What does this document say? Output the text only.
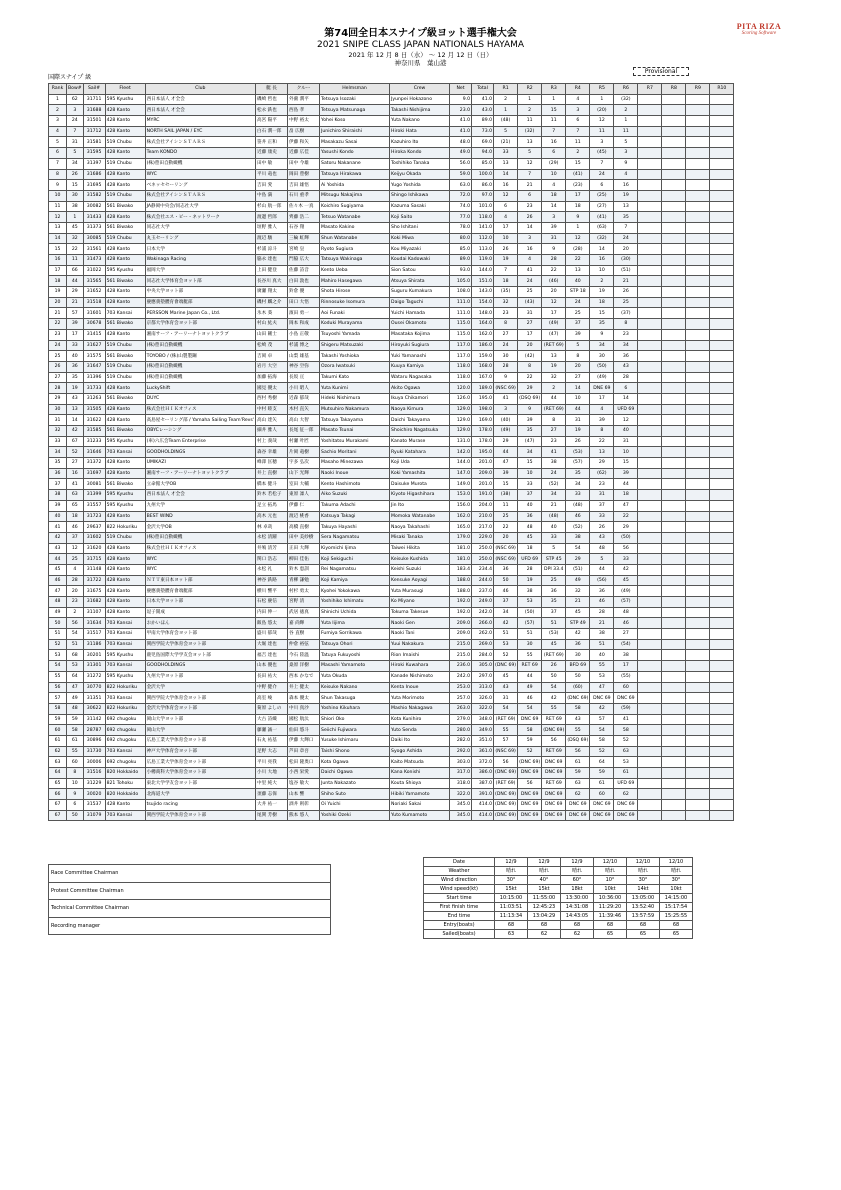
PITA RIZA
Scoring Software
第74回全日本スナイプ級ヨット選手権大会
2021 SNIPE CLASS JAPAN NATIONALS HAYAMA
2021 年 12 月 8 日（水） ～ 12 月 12 日（日）
神奈川県　葉山港
Provisional
国際スナイプ 級
Rank	Bow#	Sail#	Fleet	Club	艇 長	クルー	Helmsman	Crew	Net	Total	R1	R2	R3	R4	R5	R6	R7	R8	R9	R10
1	62	31711	595 Kyushu	西日本法人 才全会	磯崎 哲也	外薗 潤平	Tetsuya Isozaki	Jyunpei Hokazono	9.0	41.0	2	1	1	4	1	(32)				
2	3	31688	428 Kanto	西日本法人 才全会	松永 鉄也	西島 孝	Tetsuya Matsunaga	Takashi Nishijima	23.0	43.0	1	2	15	3	(20)	2				
3	24	31501	428 Kanto	MYRC	高宮 陽平	中野 裕太	Yohei Koso	Yuta Nakano	41.0	89.0	(48)	11	11	6	12	1				
4	7	31712	428 Kanto	NORTH SAIL JAPAN / EYC	白石 潤一郎	畠 広樹	Junichiro Shiraishi	Hiroki Hata	41.0	73.0	5	(32)	7	7	11	11				
5	31	31581	519 Chubu	株式会社アイシンＳＴＡＲＳ	笹井 正和	伊藤 和矢	Masakazu Sasai	Kazuhiro Ito	48.0	69.0	(21)	13	16	11	3	5				
6	5	31595	428 Kanto	Team KONDO	近藤 康史	近藤 広佳	Yasushi Kondo	Hiroka Kondo	49.0	94.0	33	5	6	2	(45)	3				
7	34	31397	519 Chubu	(株)豊田自動織機	田中 敏	田中 今雄	Satoru Nakanane	Toshihiko Tanaka	56.0	85.0	13	12	(29)	15	7	9				
8	26	31686	428 Kanto	WYC	平川 竜也	岡田 豊樹	Tatsuya Hirakawa	Keijyu Okada	59.0	100.0	14	7	10	(41)	24	4				
9	15	31695	428 Kanto	ベネッセセーリング	吉田 愛	吉田 雄悟	Ai Yoshida	Yugo Yoshida	63.0	86.0	16	21	4	(23)	6	16				
10	30	31582	519 Chubu	株式会社アイシンＳＴＡＲＳ	中島 満	石川 重孝	Mitsugu Nakajima	Shingo Ishikawa	72.0	97.0	12	6	18	17	(25)	19				
11	38	30082	561 Biwako	JA静岡中央会/同志社大学	杉山 航一郎	佐々木 一真	Koichiro Sugiyama	Kazuma Sasaki	74.0	101.0	6	23	14	18	(27)	13				
12	1	31433	428 Kanto	株式会社エス・ピー・ネットワーク	渡邊 哲郎	齊藤 浩二	Tetsuo Watanabe	Koji Saito	77.0	118.0	4	26	3	9	(41)	35				
13	45	31373	561 Biwako	同志社大学	垣野 雅人	石谷 翔	Masato Kakino	Sho Ishitani	78.0	141.0	17	14	39	1	(63)	7				
14	32	30085	519 Chubu	丸玉セーリング	渡辺 駿	三輪 虹輝	Shun Watanabe	Koki Miwa	80.0	112.0	10	3	31	12	(32)	24				
15	22	31561	428 Kanto	日本大学	杉浦 涼斗	宮崎 皇	Ryoto Sugiura	Kou Miyazaki	85.0	113.0	26	16	9	(28)	14	20				
16	11	31473	428 Kanto	Wakinaga Racing	脇永 達也	門脇 広大	Tatsuya Wakinaga	Koudai Kadowaki	89.0	119.0	19	4	28	22	16	(30)				
17	66	31022	595 Kyushu	福岡大学	上田 健登	佐藤 詩音	Kento Ueba	Sion Satou	93.0	144.0	7	41	22	13	10	(51)				
18	44	31565	561 Biwako	同志社大学体育会ヨット部	長谷川 真大	白田 敦也	Mahiro Hasegawa	Atsuya Shirata	105.0	151.0	18	24	(46)	40	2	21				
19	29	31652	428 Kanto	中央大学ヨット部	廣瀬 翔太	鈴倉 優	Shota Hirose	Suguru Kumakura	108.0	143.0	(35)	25	20	STP 18	19	26				
20	21	31518	428 Kanto	慶應義塾體育會端艇部	磯村 麟之介	田口 大悟	Rinnosuke Isomura	Daigo Taguchi	111.0	154.0	32	(43)	12	24	18	25				
21	57	31601	703 Kansai	PERSSON Marine Japan Co., Ltd.	氷木 葵	濱田 勇一	Aoi Funaki	Yuichi Hamada	111.0	148.0	23	31	17	25	15	(37)				
22	39	30678	561 Biwako	京都大学体育会ヨット部	村山 紘夫	岡本 和成	Koduki Murayama	Ousei Okamoto	115.0	164.0	8	27	(49)	37	35	8				
23	17	31415	428 Kanto	湘南サーフ・アーリーナトヨットクラブ	山田 剛士	小島 正敬	Tsuyoshi Yamada	Masataka Kojima	115.0	162.0	27	17	(47)	39	9	23				
24	33	31627	519 Chubu	(株)豊田自動織機	松崎 茂	杉浦 博之	Shigeru Matsuzaki	Hiroyuki Sugiura	117.0	186.0	24	20	(RET 69)	5	34	34				
25	40	31575	561 Biwako	TOYOBO / (株)山製製鋼	吉岡 卓	山梨 雄基	Takashi Yoshioka	Yuki Yamanashi	117.0	159.0	30	(42)	13	8	30	36				
26	36	31647	519 Chubu	(株)豊田自動織機	岩月 大空	神谷 空弥	Ozora Iwatsuki	Kuuya Kamiya	118.0	168.0	28	8	19	20	(50)	43				
27	35	31396	519 Chubu	(株)豊田自動織機	加藤 拓海	長坂 亘	Takumi Kato	Wataru Nagasaka	118.0	167.0	9	22	32	27	(49)	28				
28	19	31733	428 Kanto	LuckyShift	國見 優太	小川 昭人	Yuta Kunimi	Akito Ogawa	120.0	189.0	(NSC 69)	29	2	14	DNE 69	6				
29	43	31263	561 Biwako	DUYC	西村 秀樹	近森 郁哉	Hideki Nishimura	Ikuya Chikamori	126.0	195.0	41	(DSQ 69)	44	10	17	14				
30	13	31505	428 Kanto	株式会社ＨＩＫオフィス	中村 睦支	木村 直矢	Mutsuhiro Nakamura	Naoya Kimura	129.0	198.0	3	9	(RET 69)	44	4	UFD 69				
31	14	31622	428 Kanto	高島屋セーリング部 / Yamaha Sailing Team'Revs'	高山 達矢	高山 大智	Tatsuya Takayama	Daichi Takayama	129.0	169.0	(40)	39	8	31	39	12				
32	42	31585	561 Biwako	OBYCレーシング	細井 雅人	長尾 征一郎	Masato Tsunai	Shoichiro Nagatsuka	129.0	178.0	(49)	35	27	19	8	40				
33	67	31233	595 Kyushu	(車)六広会Team Enterprise	村上 義哉	村瀬 叶匠	Yoshitatsu Murakami	Kanato Murase	131.0	178.0	29	(47)	23	26	22	31				
34	52	31646	703 Kansai	GOODHOLDINGS	森谷 幸雄	片岡 竜樹	Sachio Moritani	Ryuki Katahara	142.0	195.0	44	34	41	(53)	13	10				
35	27	31372	428 Kanto	UMIKAZI	峰澤 匡穂	宇多 弘次	Masaho Minezawa	Koji Uda	144.0	201.0	47	15	38	(57)	29	15				
36	16	31697	428 Kanto	湘南サーフ・アーリーナトヨットクラブ	井上 直樹	山下 光輝	Naoki Inoue	Koki Yamashita	147.0	209.0	39	10	24	35	(62)	39				
37	41	30081	561 Biwako	立命館大学OB	橋本 健斗	室田 大輔	Kento Hashimoto	Daisuke Murota	149.0	201.0	15	33	(52)	34	23	44				
38	63	31399	595 Kyushu	西日本法人 才全会	鈴木 若松子	東原 凜人	Aiko Suzuki	Kiyoto Higashihara	153.0	191.0	(38)	37	34	33	31	18				
39	65	31557	595 Kyushu	九州大学	足立 拓馬	伊藤 仁	Takuma Adachi	Jin Ito	156.0	204.0	11	40	21	(48)	37	47				
40	18	31723	428 Kanto	BEST WIND	高木 元也	渡辺 桃香	Katsuya Takagi	Momoka Watanabe	162.0	210.0	25	36	(48)	46	33	22				
41	46	29637	822 Hokuriku	金沢大学OB	林 卓哉	高橋 直樹	Takuya Hayashi	Naoya Takahashi	165.0	217.0	22	48	40	(52)	26	29				
42	37	31602	519 Chubu	(株)豊田自動織機	永松 清躍	田中 美紗樹	Sera Nagamatsu	Misaki Tanaka	179.0	229.0	20	45	33	38	43	(50)				
43	12	31620	428 Kanto	株式会社ＨＩＫオフィス	井鳩 清芳	正田 大輝	Kiyomichi Ijima	Taiwei Hikita	181.0	250.0	(NSC 69)	18	5	54	48	56				
44	25	31715	428 Kanto	WYC	関口 浩志	柳田 佳佑	Koji Sekiguchi	Keisuke Kushida	181.0	250.0	(NSC 69)	UFD 69	STP 45	29	5	33				
45	4	31148	428 Kanto	WYC	永松 礼	鈴木 恵訓	Rei Nagamatsu	Keishi Suzuki	183.4	234.4	36	28	DPI 33.4	(51)	44	42				
46	28	31722	428 Kanto	ＮＴＴ東日本ヨット部	神谷 鉄路	青柳 謙勉	Koji Kamiya	Kensuke Aoyagi	188.0	244.0	50	19	25	49	(56)	45				
47	20	31675	428 Kanto	慶應義塾體育會端艇部	横川 響平	村杉 勇太	Kyohei Yokokawa	Yuta Murasugi	188.0	237.0	46	38	36	32	36	(49)				
48	23	31682	428 Kanto	日本大学ヨット部	石松 慶信	宮野 清	Yoshihiko Ishimatu	Ko Miyano	192.0	249.0	37	53	35	21	46	(57)				
49	2	31107	428 Kanto	逗子開成	内田 伸一	武居 徳真	Shinichi Uchida	Tokuma Takesue	192.0	242.0	34	(50)	37	45	28	48				
50	56	31634	703 Kansai	おかいほん	飯島 悠太	嘉 尚輝	Yuta Iijima	Naoki Gen	209.0	266.0	42	(57)	51	STP 49	21	46				
51	54	31517	703 Kansai	甲南大学体育会ヨット部	盛川 郁哉	谷 直樹	Fumiya Sorrikawa	Naoki Tani	209.0	262.0	51	51	(53)	42	38	27				
52	51	31186	703 Kansai	関西学院大学体育会ヨット部	大堀 達也	仲倉 裕弦	Tatsuya Ohori	Yuui Nakakura	215.0	269.0	53	30	45	36	51	(54)				
53	68	30201	595 Kyushu	鹿児島国際大学学友会ヨット部	福吉 達也	今石 陸温	Tatuya Fukuyoshi	Rion Imaishi	215.0	284.0	52	55	(RET 69)	30	40	38				
54	53	31301	703 Kansai	GOODHOLDINGS	山本 優也	桑原 洋樹	Masashi Yamamoto	Hiroki Kuwahara	236.0	305.0	(DNC 69)	RET 69	26	BFD 69	55	17				
55	64	31272	595 Kyushu	九州大学ヨット部	長田 祐大	西本 かなで	Yuta Okuda	Kanade Nishimoto	242.0	297.0	45	44	50	50	53	(55)				
56	47	30770	822 Hokuriku	金沢大学	中野 健介	井上 健太	Keisuke Nakano	Kenta Inoue	253.0	313.0	43	49	54	(60)	47	60				
57	49	31351	703 Kansai	関西学院大学体育会ヨット部	高室 峻	森本 優太	Shun Takasuga	Yuta Morimoto	257.0	326.0	31	46	42	(DNC 69)	DNC 69	DNC 69				
58	48	30622	822 Hokuriku	金沢大学体育会ヨット部	菊原 よしの	中川 真沙	Yoshino Kikuhara	Mashio Nakagawa	263.0	322.0	54	54	55	58	42	(59)				
59	59	31142	692 chugoku	岡山大学ヨット部	大古 詩織	國松 航汰	Shiori Oko	Kota Kunihiro	279.0	348.0	(RET 69)	DNC 69	RET 69	43	57	41				
60	58	28787	692 chugoku	岡山大学	藤瀬 誠一	仙田 悠斗	Seiichi Fujiwara	Yuto Senda	280.0	349.0	55	58	(DNC 69)	55	54	58				
61	61	30896	692 chugoku	広島工業大学体育会ヨット部	石丸 祐基	伊藤 大輝口	Yusuke Ishimaru	Daiki Ito	282.0	351.0	57	59	56	(DSQ 69)	58	52				
62	55	31730	703 Kansai	神戸大学体育会ヨット部	足野 大志	芦田 章吾	Taishi Shono	Syogo Ashida	292.0	361.0	(NSC 69)	52	RET 69	56	52	63				
63	60	30006	692 chugoku	広島工業大学体育会ヨット部	平川 亮我	松田 隆奥口	Kota Ogawa	Kaito Matsuda	303.0	372.0	56	(DNC 69)	DNC 69	61	64	53				
64	8	31516	820 Hokkaido	小樽商科大学体育会ヨット部	小川 大地	小西 栄愛	Daichi Ogawa	Kana Konishi	317.0	386.0	(DNC 69)	DNC 69	DNC 69	59	59	61				
65	10	31229	821 Tohoku	東北大学学友会ヨット部	中里 純大	塩谷 敏大	Junta Nakazato	Kouta Shioya	318.0	387.0	(RET 69)	56	RET 69	63	61	UFD 69				
66	9	30020	820 Hokkaido	北海道大学	須藤 志保	山本 響	Shiho Suto	Hibiki Yamamoto	322.0	391.0	(DNC 69)	DNC 69	DNC 69	62	60	62				
67	6	31537	428 Kanto	tsujido racing	大井 祐一	酒井 則彰	Oi Yuichi	Noriaki Sakai	345.0	414.0	(DNC 69)	DNC 69	DNC 69	DNC 69	DNC 69	DNC 69				
67	50	31079	703 Kansai	関西学院大学体育会ヨット部	尾関 芳樹	熊本 悠人	Yoshiki Ozeki	Yuto Kumamoto	345.0	414.0	(DNC 69)	DNC 69	DNC 69	DNC 69	DNC 69	DNC 69				
Race Committee Chairman
Protest Committee Chairman
Technical Committee Chairman
Recording manager
Date	12/9	12/9	12/9	12/10	12/10	12/10
Weather	晴れ	晴れ	晴れ	晴れ	晴れ	晴れ
Wind direction	30°	40°	60°	10°	30°	30°
Wind speed(kt)	15kt	15kt	18kt	10kt	14kt	10kt
Start time	10:15:00	11:55:00	13:30:00	10:36:00	13:05:00	14:15:00
First finish time	11:03:51	12:45:23	14:31:08	11:29:20	13:52:40	15:17:54
End time	11:13:34	13:04:29	14:43:05	11:39:46	13:57:59	15:25:55
Entry(boats)	68	68	68	68	68	68
Sailed(boats)	63	62	62	65	65	65
